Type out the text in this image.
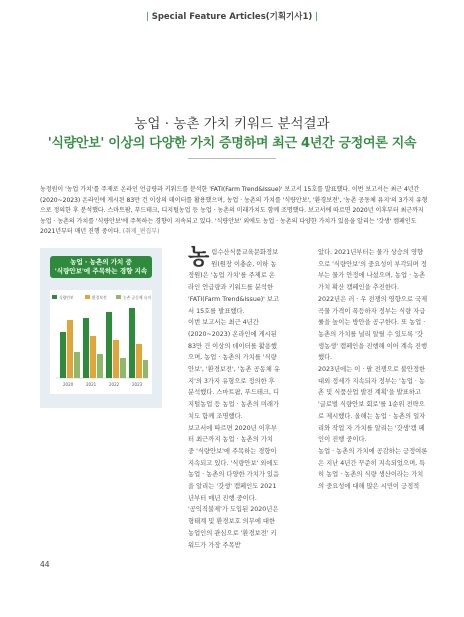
| Special Feature Articles(기획기사1) |
농업 · 농촌 가치 키워드 분석결과
'식량안보' 이상의 다양한 가치 증명하며 최근 4년간 긍정여론 지속
농정원이 '농업 가치'를 주제로 온라인 언급량과 키워드를 분석한 'FATI(Farm Trend&Issue)' 보고서 15호를 발표했다. 이번 보고서는 최근 4년간(2020~2023) 온라인에 게시된 83만 건 이상의 데이터를 활용했으며, 농업 · 농촌의 가치를 '식량안보', '환경보전', '농촌 공동체 유지'의 3가지 유형으로 정의한 후 분석했다. 스마트팜, 푸드테크, 디지털농업 등 농업 · 농촌의 미래가치도 함께 조명했다. 보고서에 따르면 2020년 이후부터 최근까지 농업 · 농촌의 가치를 '식량안보'에 주목하는 경향이 지속되고 있다. '식량안보' 외에도 농업 · 농촌의 다양한 가치가 있음을 알리는 '갓생' 캠페인도 2021년부터 매년 진행 중이다. (취재_편집부)
농업 · 농촌의 가치 중
'식량안보'에 주목하는 경향 지속
식량안보	환경보전	농촌 공동체 유지
2020	2021	2022	2023

농림수산식품교육문화정보원(원장 이충순, 이하 농정원)은 '농업 가치'를 주제로 온라인 언급량과 키워드를 분석한 'FATI(Farm Trend&Issue)' 보고서 15호를 발표했다.

이번 보고서는 최근 4년간(2020~2023) 온라인에 게시된 83만 건 이상의 데이터를 활용했으며, 농업 · 농촌의 가치를 '식량안보', '환경보전', '농촌 공동체 유지'의 3가지 유형으로 정의한 후 분석했다. 스마트팜, 푸드테크, 디지털농업 등 농업 · 농촌의 미래가치도 함께 조명했다.

보고서에 따르면 2020년 이후부터 최근까지 농업 · 농촌의 가치 중 '식량안보'에 주목하는 경향이 지속되고 있다. '식량안보' 외에도 농업 · 농촌의 다양한 가치가 있음을 알리는 '갓생' 캠페인도 2021년부터 매년 진행 중이다.

'공익직불제'가 도입된 2020년은 형태계 및 환경보호 의무에 대한 농업인의 관심으로 '환경보전' 키워드가 가장 주목받

았다. 2021년부터는 물가 상승의 영향으로 '식량안보'의 중요성이 부각되며 정부는 물가 안정에 나섰으며, 농업 · 농촌 가치 확산 캠페인을 추진한다.

2022년은 러 · 우 전쟁의 영향으로 국제 곡물 가격이 폭등하자 정부는 식량 자급률을 높이는 방안을 공구한다. 또 농업 · 농촌의 가치를 널리 알릴 수 있도록 '갓생농생' 캠페인을 진행해 이어 계속 진행했다.

2023년에는 이 · 팔 전쟁으로 불안정한 대외 정세가 지속되자 정부는 '농업 · 농촌 및 식품산업 발전 계획'을 발표하고 '글로벌 식량안보 회로'를 1순위 전략으로 제시했다. 올해는 농업 · 농촌의 일자리와 작업 자 가치를 알리는 '갓생'캠 페인이 진행 중이다.

농업 · 농촌의 가치에 공감하는 긍정여론은 지난 4년간 꾸준히 지속되었으며, 특히 농업 · 농촌의 식량 생산이라는 가치의 중요성에 대해 많은 시민이 긍정적

44
